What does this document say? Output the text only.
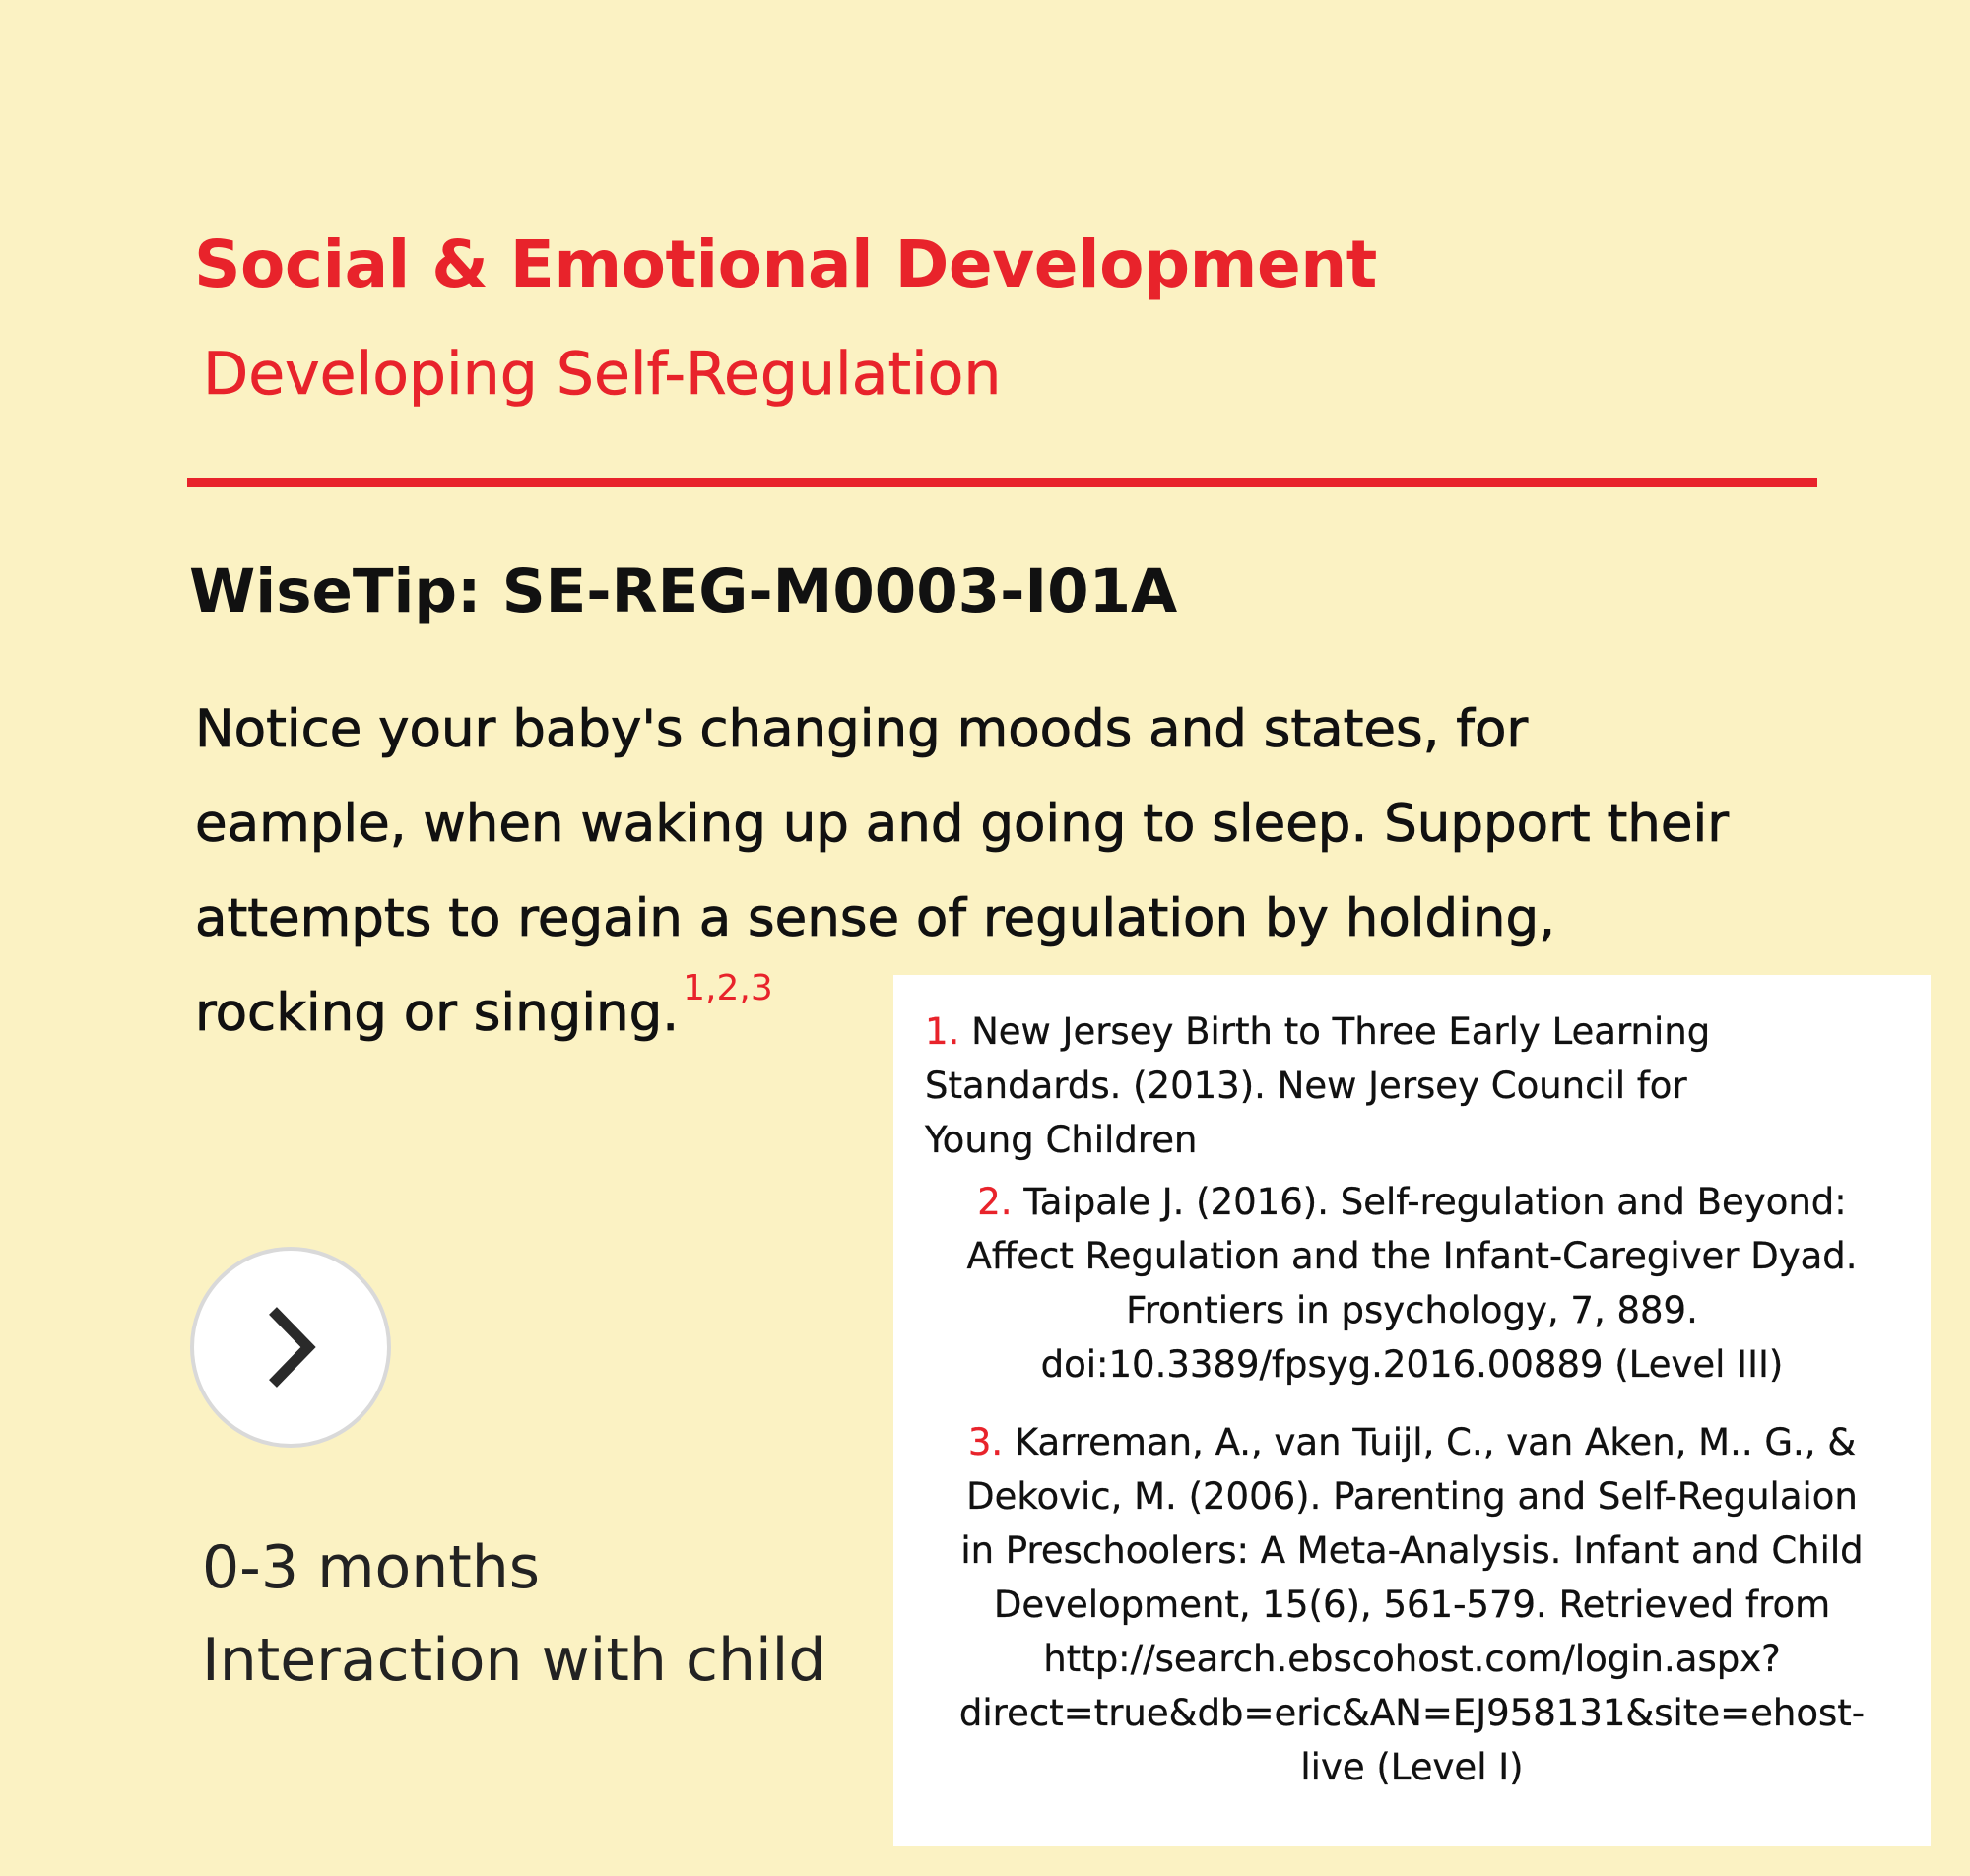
Social & Emotional Development
Developing Self-Regulation
WiseTip: SE-REG-M0003-I01A

Notice your baby's changing moods and states, for
eample, when waking up and going to sleep. Support their
attempts to regain a sense of regulation by holding,
rocking or singing. $^{1,2,3}$

0-3 months
Interaction with child
1. New Jersey Birth to Three Early Learning
Standards. (2013). New Jersey Council for
Young Children
2. Taipale J. (2016). Self-regulation and Beyond:
Affect Regulation and the Infant-Caregiver Dyad.
Frontiers in psychology, 7, 889.
doi:10.3389/fpsyg.2016.00889 (Level III)
3. Karreman, A., van Tuijl, C., van Aken, M.. G., &
Dekovic, M. (2006). Parenting and Self-Regulaion
in Preschoolers: A Meta-Analysis. Infant and Child
Development, 15(6), 561-579. Retrieved from
http://search.ebscohost.com/login.aspx?
direct=true&db=eric&AN=EJ958131&site=ehost-
live (Level I)
